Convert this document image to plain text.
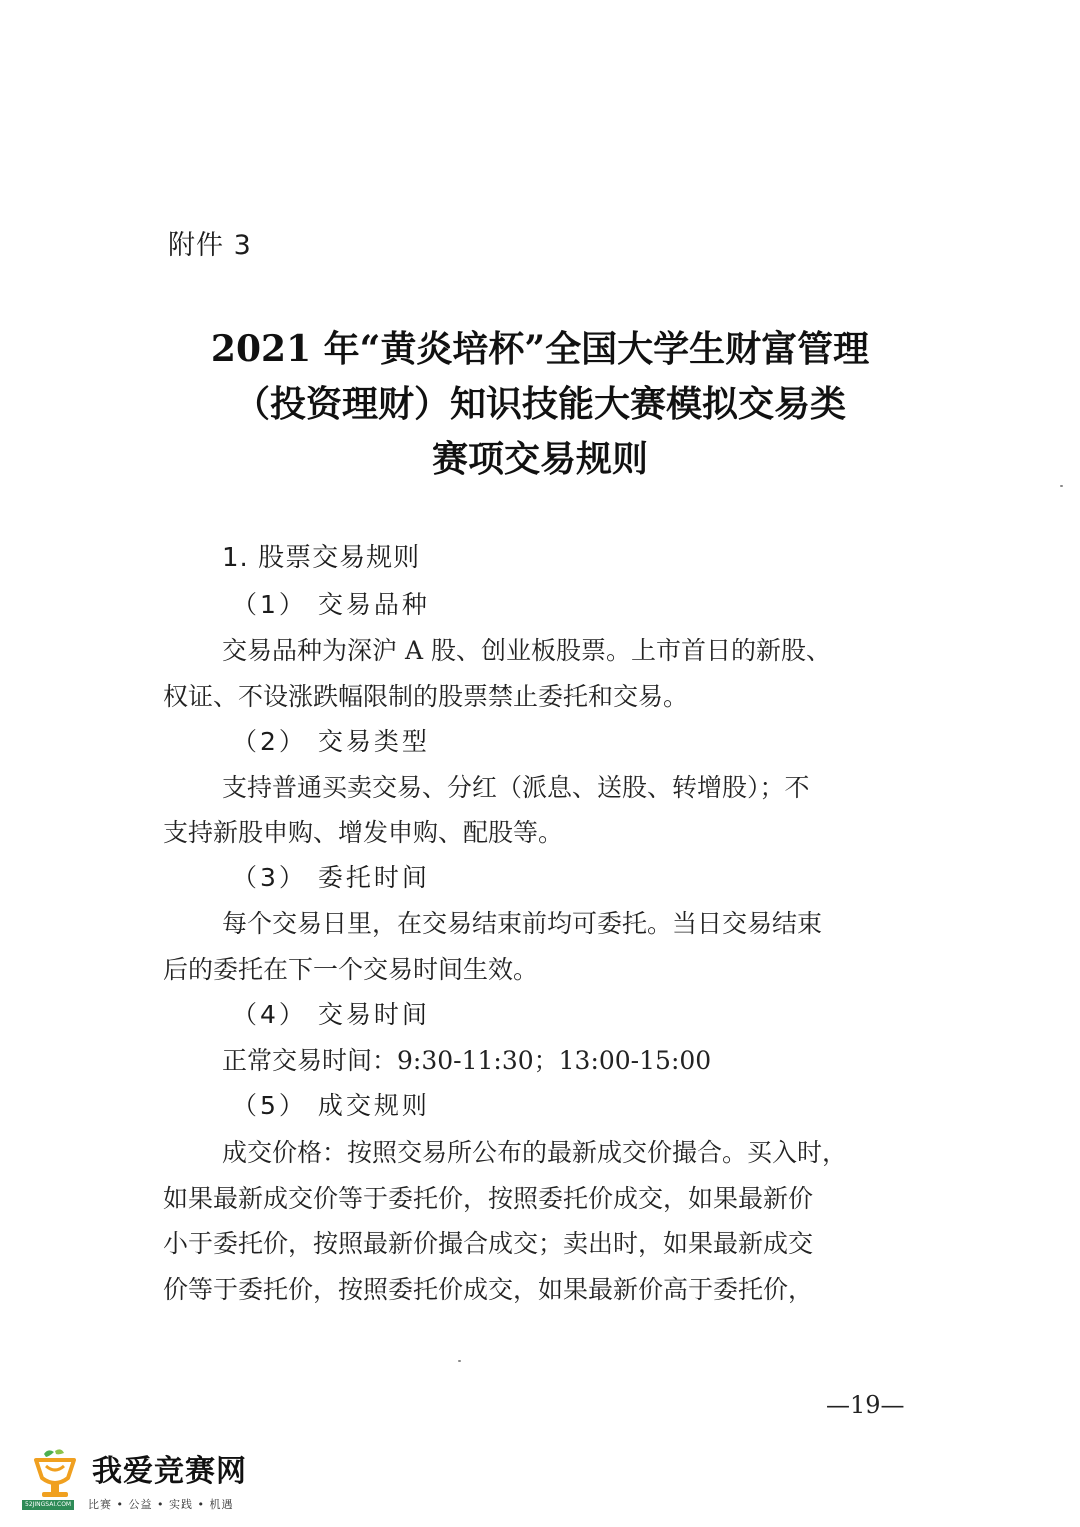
附件 3
2021 年“黄炎培杯”全国大学生财富管理
（投资理财）知识技能大赛模拟交易类
赛项交易规则
1. 股票交易规则
（1） 交易品种
交易品种为深沪 A 股、创业板股票。上市首日的新股、
权证、不设涨跌幅限制的股票禁止委托和交易。
（2） 交易类型
支持普通买卖交易、分红（派息、送股、转增股）；不
支持新股申购、增发申购、配股等。
（3） 委托时间
每个交易日里，在交易结束前均可委托。当日交易结束
后的委托在下一个交易时间生效。
（4） 交易时间
正常交易时间：9:30-11:30；13:00-15:00
（5） 成交规则
成交价格：按照交易所公布的最新成交价撮合。买入时，
如果最新成交价等于委托价，按照委托价成交，如果最新价
小于委托价，按照最新价撮合成交；卖出时，如果最新成交
价等于委托价，按照委托价成交，如果最新价高于委托价，
—19—
我爱竞赛网
52JINGSAI.COM 比赛 • 公益 • 实践 • 机遇
